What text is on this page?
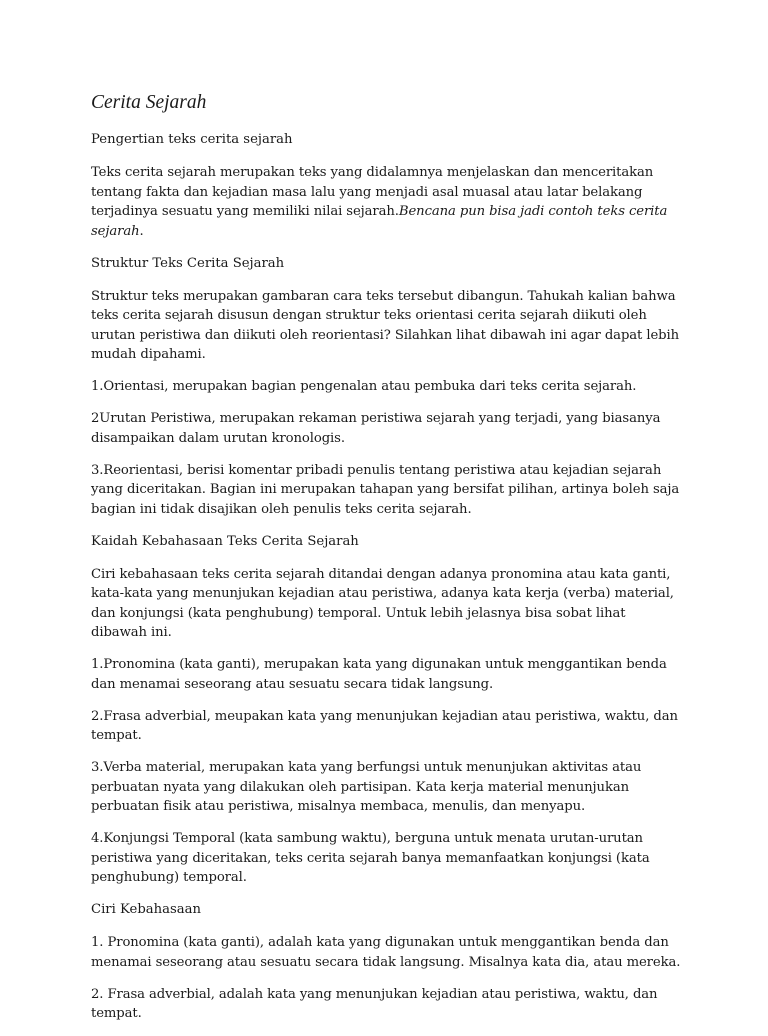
Cerita Sejarah
Pengertian teks cerita sejarah

Teks cerita sejarah merupakan teks yang didalamnya menjelaskan dan menceritakan tentang fakta dan kejadian masa lalu yang menjadi asal muasal atau latar belakang terjadinya sesuatu yang memiliki nilai sejarah.Bencana pun bisa jadi contoh teks cerita sejarah.

Struktur Teks Cerita Sejarah

Struktur teks merupakan gambaran cara teks tersebut dibangun. Tahukah kalian bahwa teks cerita sejarah disusun dengan struktur teks orientasi cerita sejarah diikuti oleh urutan peristiwa dan diikuti oleh reorientasi? Silahkan lihat dibawah ini agar dapat lebih mudah dipahami.

1.Orientasi, merupakan bagian pengenalan atau pembuka dari teks cerita sejarah.

2Urutan Peristiwa, merupakan rekaman peristiwa sejarah yang terjadi, yang biasanya disampaikan dalam urutan kronologis.

3.Reorientasi, berisi komentar pribadi penulis tentang peristiwa atau kejadian sejarah yang diceritakan. Bagian ini merupakan tahapan yang bersifat pilihan, artinya boleh saja bagian ini tidak disajikan oleh penulis teks cerita sejarah.

Kaidah Kebahasaan Teks Cerita Sejarah

Ciri kebahasaan teks cerita sejarah ditandai dengan adanya pronomina atau kata ganti, kata-kata yang menunjukan kejadian atau peristiwa, adanya kata kerja (verba) material, dan konjungsi (kata penghubung) temporal. Untuk lebih jelasnya bisa sobat lihat dibawah ini.

1.Pronomina (kata ganti), merupakan kata yang digunakan untuk menggantikan benda dan menamai seseorang atau sesuatu secara tidak langsung.

2.Frasa adverbial, meupakan kata yang menunjukan kejadian atau peristiwa, waktu, dan tempat.

3.Verba material, merupakan kata yang berfungsi untuk menunjukan aktivitas atau perbuatan nyata yang dilakukan oleh partisipan. Kata kerja material menunjukan perbuatan fisik atau peristiwa, misalnya membaca, menulis, dan menyapu.

4.Konjungsi Temporal (kata sambung waktu), berguna untuk menata urutan-urutan peristiwa yang diceritakan, teks cerita sejarah banya memanfaatkan konjungsi (kata penghubung) temporal.

Ciri Kebahasaan

1. Pronomina (kata ganti), adalah kata yang digunakan untuk menggantikan benda dan menamai seseorang atau sesuatu secara tidak langsung. Misalnya kata dia, atau mereka.

2. Frasa adverbial, adalah kata yang menunjukan kejadian atau peristiwa, waktu, dan tempat.
